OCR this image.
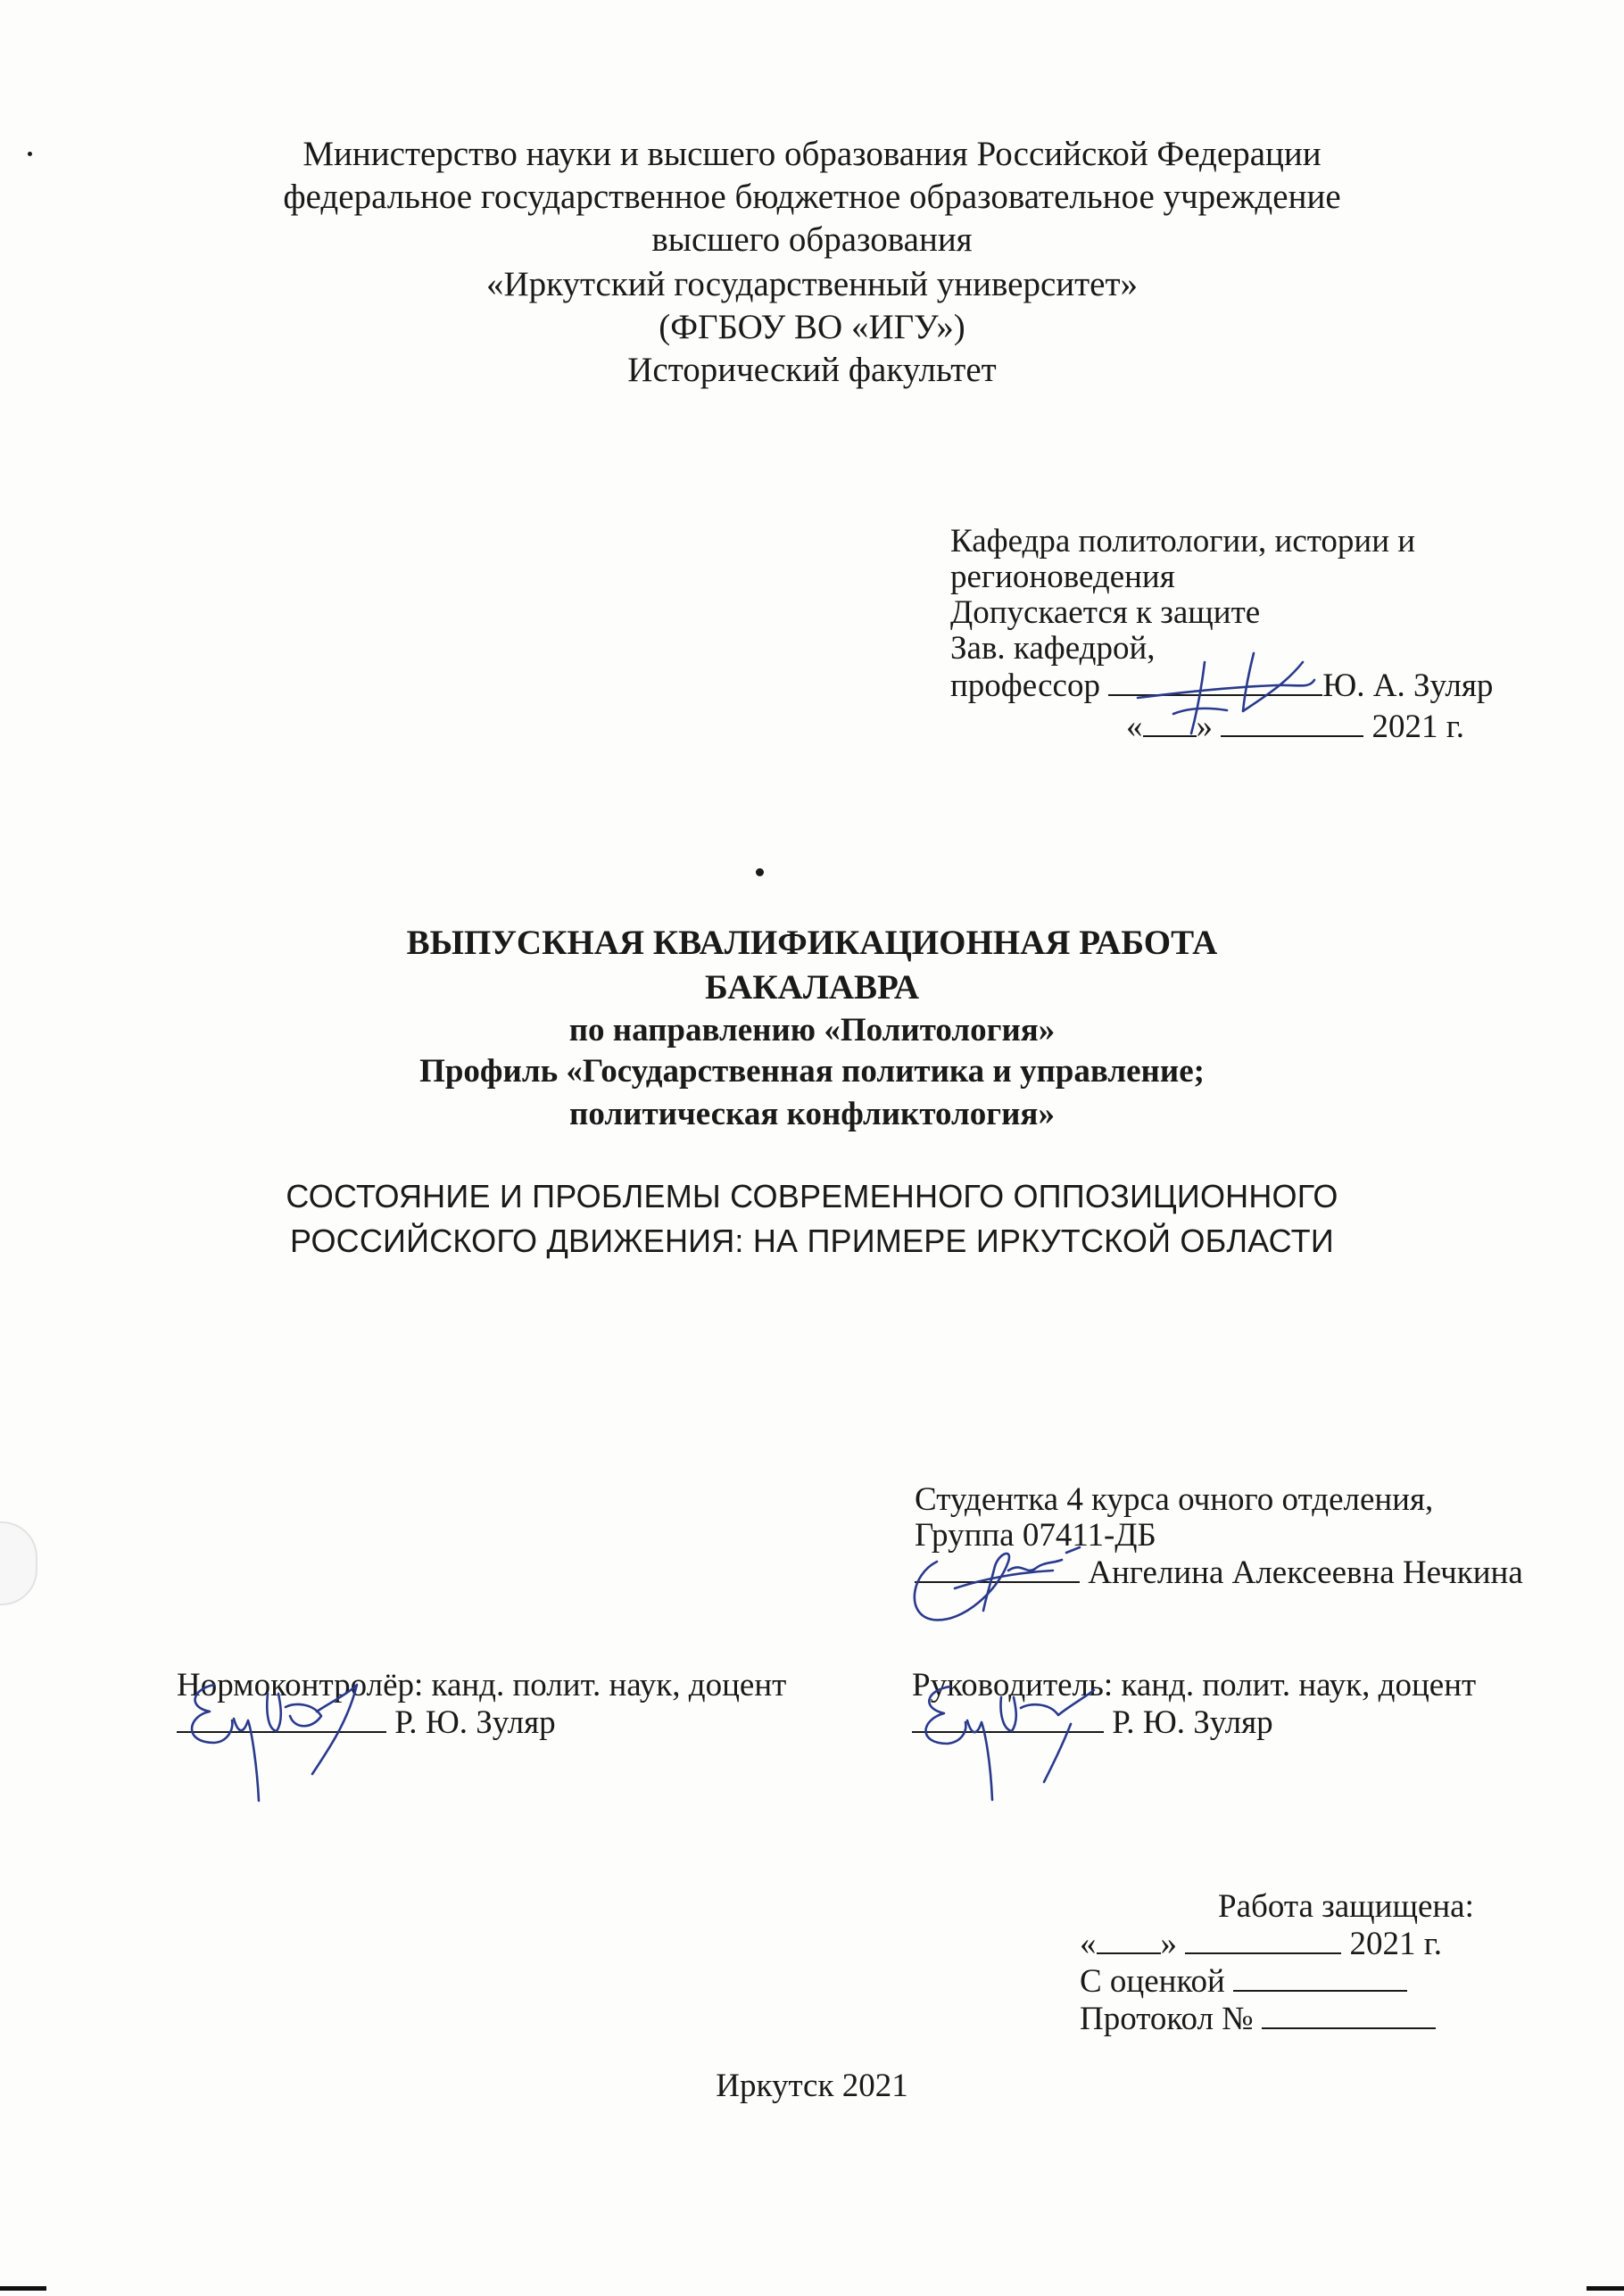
Министерство науки и высшего образования Российской Федерации
федеральное государственное бюджетное образовательное учреждение
высшего образования
«Иркутский государственный университет»
(ФГБОУ ВО «ИГУ»)
Исторический факультет
Кафедра политологии, истории и
регионоведения
Допускается к защите
Зав. кафедрой,
профессор	Ю. А. Зуляр
« »	2021 г.
ВЫПУСКНАЯ КВАЛИФИКАЦИОННАЯ РАБОТА
БАКАЛАВРА
по направлению «Политология»
Профиль «Государственная политика и управление;
политическая конфликтология»
СОСТОЯНИЕ И ПРОБЛЕМЫ СОВРЕМЕННОГО ОППОЗИЦИОННОГО
РОССИЙСКОГО ДВИЖЕНИЯ: НА ПРИМЕРЕ ИРКУТСКОЙ ОБЛАСТИ
Студентка 4 курса очного отделения,
Группа 07411-ДБ
Ангелина Алексеевна Нечкина
Нормоконтролёр: канд. полит. наук, доцент
Р. Ю. Зуляр
Руководитель: канд. полит. наук, доцент
Р. Ю. Зуляр
Работа защищена:
« »	2021 г.
С оценкой
Протокол №
Иркутск 2021
